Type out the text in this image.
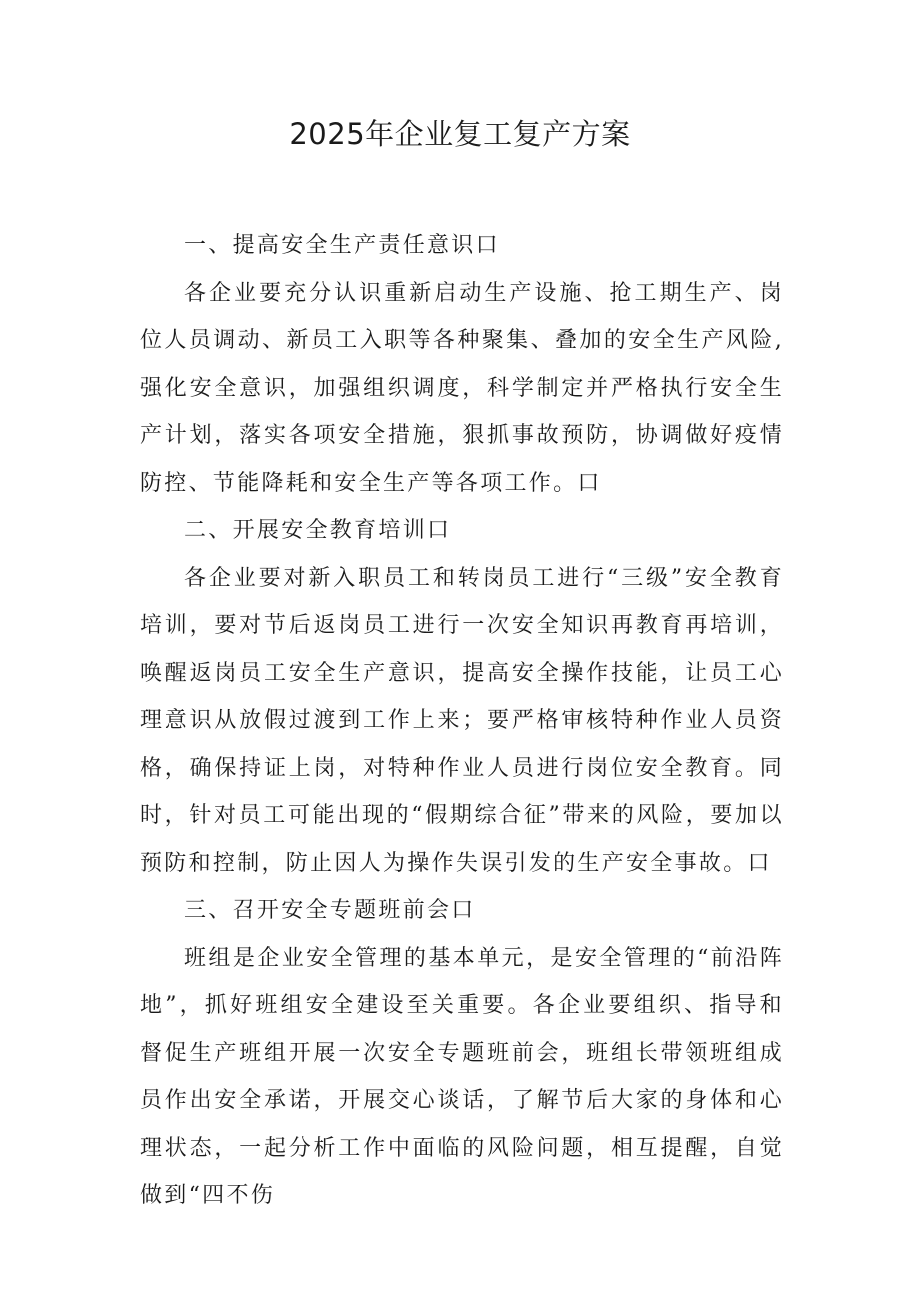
2025年企业复工复产方案

一、提高安全生产责任意识口

各企业要充分认识重新启动生产设施、抢工期生产、岗位人员调动、新员工入职等各种聚集、叠加的安全生产风险,强化安全意识，加强组织调度，科学制定并严格执行安全生产计划，落实各项安全措施，狠抓事故预防，协调做好疫情防控、节能降耗和安全生产等各项工作。口

二、开展安全教育培训口

各企业要对新入职员工和转岗员工进行“三级”安全教育培训，要对节后返岗员工进行一次安全知识再教育再培训，唤醒返岗员工安全生产意识，提高安全操作技能，让员工心理意识从放假过渡到工作上来；要严格审核特种作业人员资格，确保持证上岗，对特种作业人员进行岗位安全教育。同时，针对员工可能出现的“假期综合征”带来的风险，要加以预防和控制，防止因人为操作失误引发的生产安全事故。口

三、召开安全专题班前会口

班组是企业安全管理的基本单元，是安全管理的“前沿阵地”，抓好班组安全建设至关重要。各企业要组织、指导和督促生产班组开展一次安全专题班前会，班组长带领班组成员作出安全承诺，开展交心谈话，了解节后大家的身体和心理状态，一起分析工作中面临的风险问题，相互提醒，自觉做到“四不伤
